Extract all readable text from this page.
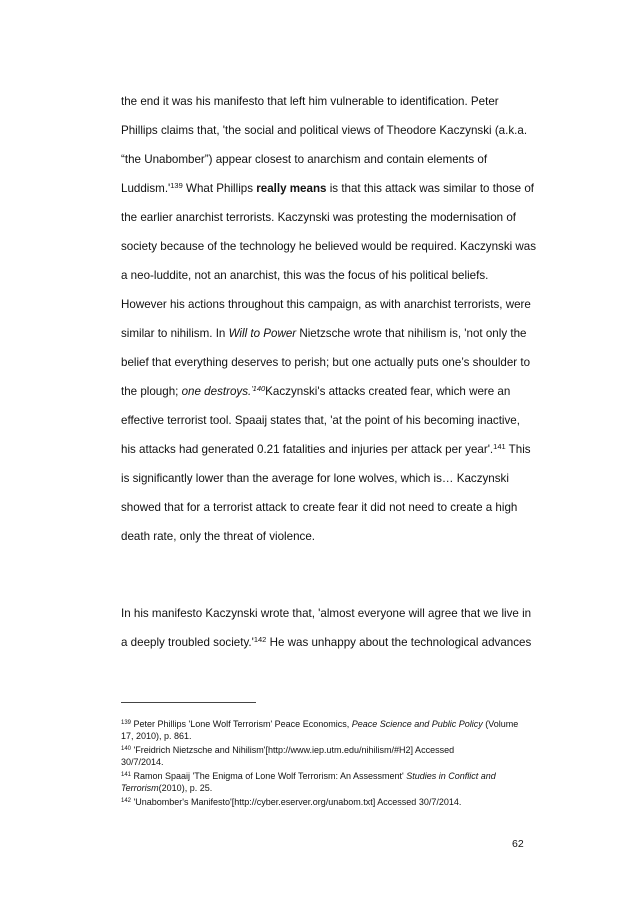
the end it was his manifesto that left him vulnerable to identification. Peter
Phillips claims that, 'the social and political views of Theodore Kaczynski (a.k.a.
“the Unabomber”) appear closest to anarchism and contain elements of
$Luddism.'^{139}$ What Phillips really means is that this attack was similar to those of
the earlier anarchist terrorists. Kaczynski was protesting the modernisation of
society because of the technology he believed would be required. Kaczynski was
a neo-luddite, not an anarchist, this was the focus of his political beliefs.
However his actions throughout this campaign, as with anarchist terrorists, were
similar to nihilism. In Will to Power Nietzsche wrote that nihilism is, 'not only the
belief that everything deserves to perish; but one actually puts one’s shoulder to
the plough; one destroys.$^{'140}$Kaczynski's attacks created fear, which were an
effective terrorist tool. Spaaij states that, 'at the point of his becoming inactive,
his attacks had generated 0.21 fatalities and injuries per attack per year'.$^{141}$ This
is significantly lower than the average for lone wolves, which is… Kaczynski
showed that for a terrorist attack to create fear it did not need to create a high
death rate, only the threat of violence.
In his manifesto Kaczynski wrote that, 'almost everyone will agree that we live in
a deeply troubled $society.'^{142}$ He was unhappy about the technological advances
$^{139}$ Peter Phillips 'Lone Wolf Terrorism' Peace Economics, Peace Science and Public Policy (Volume
17, 2010), p. 861.
$^{140}$ 'Freidrich Nietzsche and Nihilism'[http://www.iep.utm.edu/nihilism/#H2] Accessed
30/7/2014.
$^{141}$ Ramon Spaaij 'The Enigma of Lone Wolf Terrorism: An Assessment' Studies in Conflict and
Terrorism(2010), p. 25.
$^{142}$ 'Unabomber's Manifesto'[http://cyber.eserver.org/unabom.txt] Accessed 30/7/2014.
62
